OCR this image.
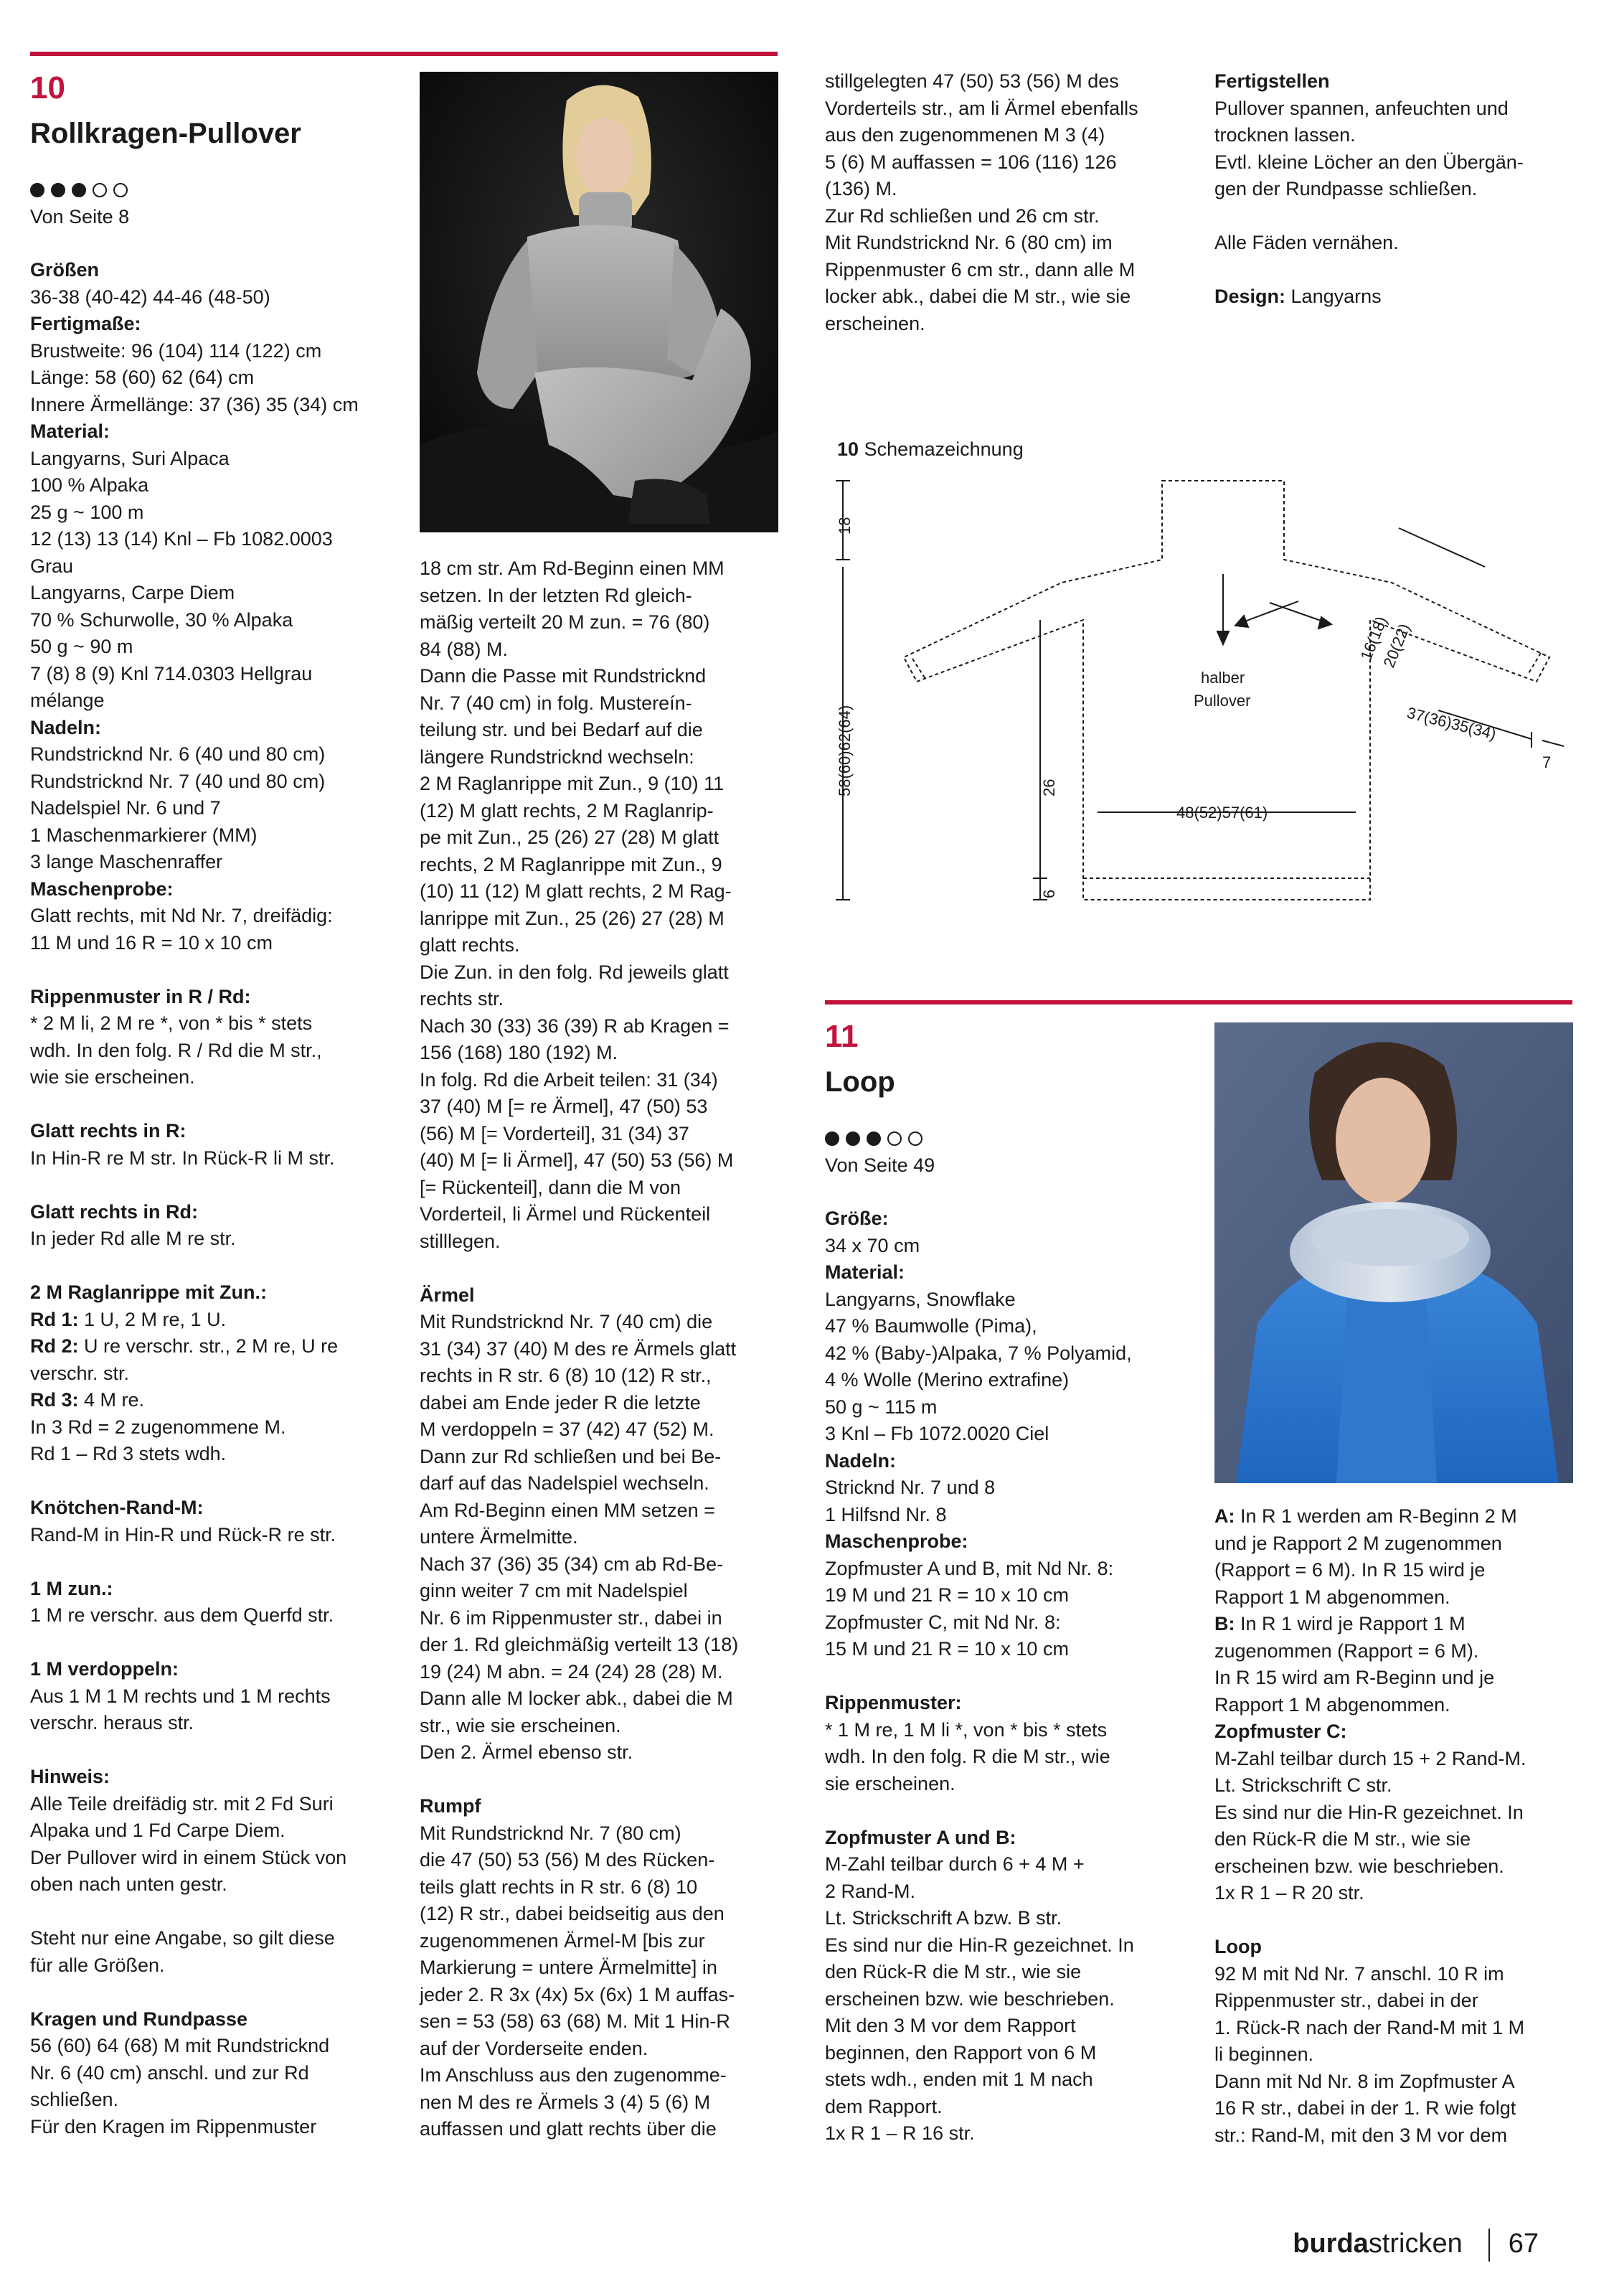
10
Rollkragen-Pullover
Von Seite 8

Größen

36-38 (40-42) 44-46 (48-50)

Fertigmaße:

Brustweite: 96 (104) 114 (122) cm

Länge: 58 (60) 62 (64) cm

Innere Ärmellänge: 37 (36) 35 (34) cm

Material:

Langyarns, Suri Alpaca

100 % Alpaka

25 g ~ 100 m

12 (13) 13 (14) Knl – Fb 1082.0003

Grau

Langyarns, Carpe Diem

70 % Schurwolle, 30 % Alpaka

50 g ~ 90 m

7 (8) 8 (9) Knl 714.0303 Hellgrau

mélange

Nadeln:

Rundstricknd Nr. 6 (40 und 80 cm)

Rundstricknd Nr. 7 (40 und 80 cm)

Nadelspiel Nr. 6 und 7

1 Maschenmarkierer (MM)

3 lange Maschenraffer

Maschenprobe:

Glatt rechts, mit Nd Nr. 7, dreifädig:

11 M und 16 R = 10 x 10 cm

Rippenmuster in R / Rd:

* 2 M li, 2 M re *, von * bis * stets

wdh. In den folg. R / Rd die M str.,

wie sie erscheinen.

Glatt rechts in R:

In Hin-R re M str. In Rück-R li M str.

Glatt rechts in Rd:

In jeder Rd alle M re str.

2 M Raglanrippe mit Zun.:

Rd 1: 1 U, 2 M re, 1 U.

Rd 2: U re verschr. str., 2 M re, U re

verschr. str.

Rd 3: 4 M re.

In 3 Rd = 2 zugenommene M.

Rd 1 – Rd 3 stets wdh.

Knötchen-Rand-M:

Rand-M in Hin-R und Rück-R re str.

1 M zun.:

1 M re verschr. aus dem Querfd str.

1 M verdoppeln:

Aus 1 M 1 M rechts und 1 M rechts

verschr. heraus str.

Hinweis:

Alle Teile dreifädig str. mit 2 Fd Suri

Alpaka und 1 Fd Carpe Diem.

Der Pullover wird in einem Stück von

oben nach unten gestr.

Steht nur eine Angabe, so gilt diese

für alle Größen.

Kragen und Rundpasse

56 (60) 64 (68) M mit Rundstricknd

Nr. 6 (40 cm) anschl. und zur Rd

schließen.

Für den Kragen im Rippenmuster

18 cm str. Am Rd-Beginn einen MM

setzen. In der letzten Rd gleich-

mäßig verteilt 20 M zun. = 76 (80)

84 (88) M.

Dann die Passe mit Rundstricknd

Nr. 7 (40 cm) in folg. Mustereín-

teilung str. und bei Bedarf auf die

längere Rundstricknd wechseln:

2 M Raglanrippe mit Zun., 9 (10) 11

(12) M glatt rechts, 2 M Raglanrip-

pe mit Zun., 25 (26) 27 (28) M glatt

rechts, 2 M Raglanrippe mit Zun., 9

(10) 11 (12) M glatt rechts, 2 M Rag-

lanrippe mit Zun., 25 (26) 27 (28) M

glatt rechts.

Die Zun. in den folg. Rd jeweils glatt

rechts str.

Nach 30 (33) 36 (39) R ab Kragen =

156 (168) 180 (192) M.

In folg. Rd die Arbeit teilen: 31 (34)

37 (40) M [= re Ärmel], 47 (50) 53

(56) M [= Vorderteil], 31 (34) 37

(40) M [= li Ärmel], 47 (50) 53 (56) M

[= Rückenteil], dann die M von

Vorderteil, li Ärmel und Rückenteil

stilllegen.

Ärmel

Mit Rundstricknd Nr. 7 (40 cm) die

31 (34) 37 (40) M des re Ärmels glatt

rechts in R str. 6 (8) 10 (12) R str.,

dabei am Ende jeder R die letzte

M verdoppeln = 37 (42) 47 (52) M.

Dann zur Rd schließen und bei Be-

darf auf das Nadelspiel wechseln.

Am Rd-Beginn einen MM setzen =

untere Ärmelmitte.

Nach 37 (36) 35 (34) cm ab Rd-Be-

ginn weiter 7 cm mit Nadelspiel

Nr. 6 im Rippenmuster str., dabei in

der 1. Rd gleichmäßig verteilt 13 (18)

19 (24) M abn. = 24 (24) 28 (28) M.

Dann alle M locker abk., dabei die M

str., wie sie erscheinen.

Den 2. Ärmel ebenso str.

Rumpf

Mit Rundstricknd Nr. 7 (80 cm)

die 47 (50) 53 (56) M des Rücken-

teils glatt rechts in R str. 6 (8) 10

(12) R str., dabei beidseitig aus den

zugenommenen Ärmel-M [bis zur

Markierung = untere Ärmelmitte] in

jeder 2. R 3x (4x) 5x (6x) 1 M auffas-

sen = 53 (58) 63 (68) M. Mit 1 Hin-R

auf der Vorderseite enden.

Im Anschluss aus den zugenomme-

nen M des re Ärmels 3 (4) 5 (6) M

auffassen und glatt rechts über die

stillgelegten 47 (50) 53 (56) M des

Vorderteils str., am li Ärmel ebenfalls

aus den zugenommenen M 3 (4)

5 (6) M auffassen = 106 (116) 126

(136) M.

Zur Rd schließen und 26 cm str.

Mit Rundstricknd Nr. 6 (80 cm) im

Rippenmuster 6 cm str., dann alle M

locker abk., dabei die M str., wie sie

erscheinen.

Fertigstellen

Pullover spannen, anfeuchten und

trocknen lassen.

Evtl. kleine Löcher an den Übergän-

gen der Rundpasse schließen.

Alle Fäden vernähen.

Design: Langyarns

10 Schemazeichnung
18
58(60)62(64)	26
6
48(52)57(61)
halber
Pullover
16(18)
20(22)
37(36)35(34)
7
11
Loop
Von Seite 49

Größe:

34 x 70 cm

Material:

Langyarns, Snowflake

47 % Baumwolle (Pima),

42 % (Baby-)Alpaka, 7 % Polyamid,

4 % Wolle (Merino extrafine)

50 g ~ 115 m

3 Knl – Fb 1072.0020 Ciel

Nadeln:

Stricknd Nr. 7 und 8

1 Hilfsnd Nr. 8

Maschenprobe:

Zopfmuster A und B, mit Nd Nr. 8:

19 M und 21 R = 10 x 10 cm

Zopfmuster C, mit Nd Nr. 8:

15 M und 21 R = 10 x 10 cm

Rippenmuster:

* 1 M re, 1 M li *, von * bis * stets

wdh. In den folg. R die M str., wie

sie erscheinen.

Zopfmuster A und B:

M-Zahl teilbar durch 6 + 4 M +

2 Rand-M.

Lt. Strickschrift A bzw. B str.

Es sind nur die Hin-R gezeichnet. In

den Rück-R die M str., wie sie

erscheinen bzw. wie beschrieben.

Mit den 3 M vor dem Rapport

beginnen, den Rapport von 6 M

stets wdh., enden mit 1 M nach

dem Rapport.

1x R 1 – R 16 str.

A: In R 1 werden am R-Beginn 2 M

und je Rapport 2 M zugenommen

(Rapport = 6 M). In R 15 wird je

Rapport 1 M abgenommen.

B: In R 1 wird je Rapport 1 M

zugenommen (Rapport = 6 M).

In R 15 wird am R-Beginn und je

Rapport 1 M abgenommen.

Zopfmuster C:

M-Zahl teilbar durch 15 + 2 Rand-M.

Lt. Strickschrift C str.

Es sind nur die Hin-R gezeichnet. In

den Rück-R die M str., wie sie

erscheinen bzw. wie beschrieben.

1x R 1 – R 20 str.

Loop

92 M mit Nd Nr. 7 anschl. 10 R im

Rippenmuster str., dabei in der

1. Rück-R nach der Rand-M mit 1 M

li beginnen.

Dann mit Nd Nr. 8 im Zopfmuster A

16 R str., dabei in der 1. R wie folgt

str.: Rand-M, mit den 3 M vor dem

burdastricken 67
